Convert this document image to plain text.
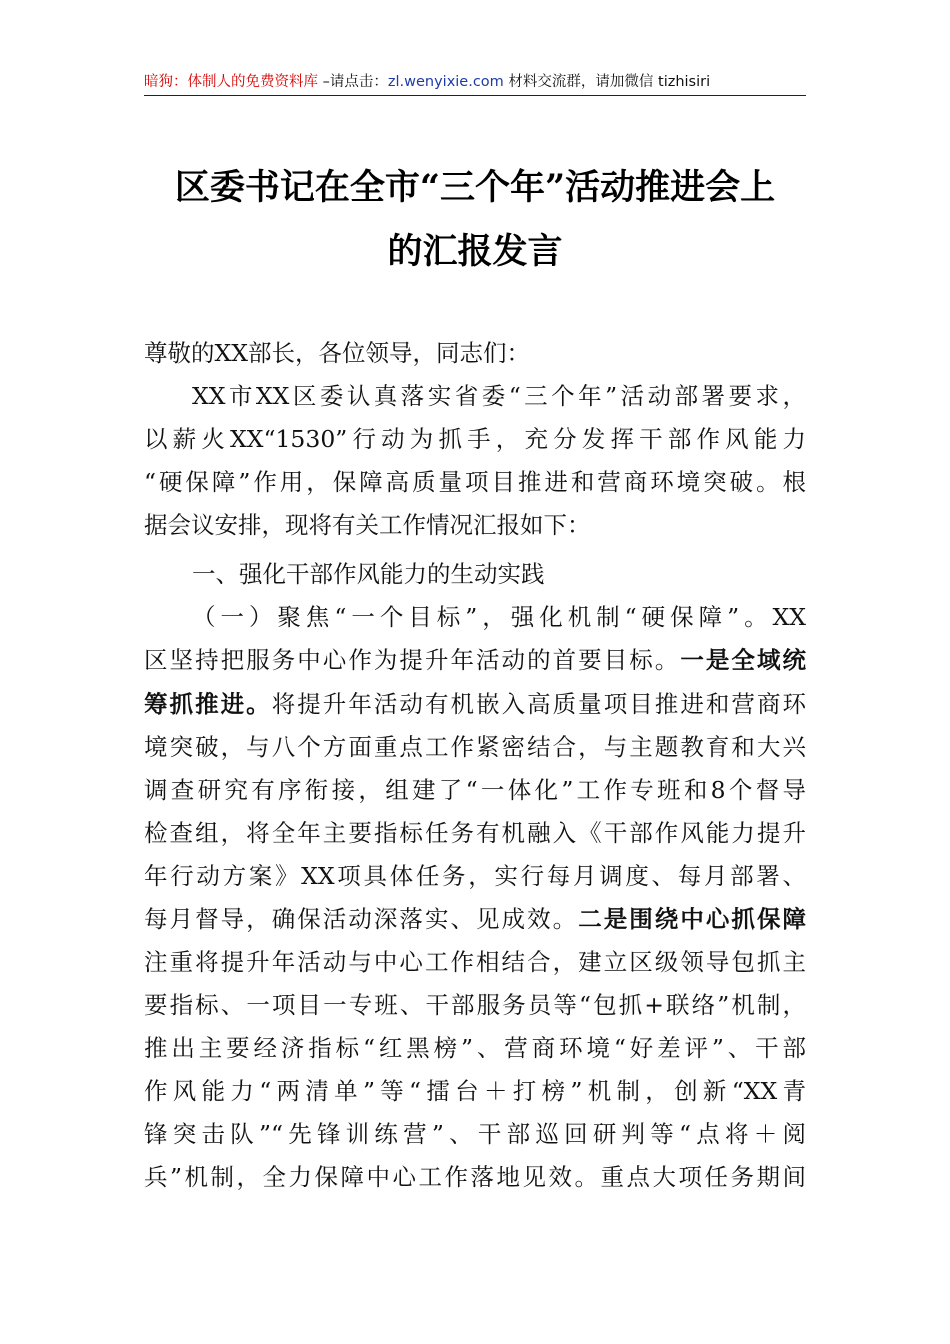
暗狗：体制人的免费资料库 –请点击：zl.wenyixie.com 材料交流群，请加微信 tizhisiri
区委书记在全市“三个年”活动推进会上
的汇报发言
尊敬的XX部长，各位领导，同志们：
XX市XX区委认真落实省委“三个年”活动部署要求，
以薪火XX“1530”行动为抓手，充分发挥干部作风能力
“硬保障”作用，保障高质量项目推进和营商环境突破。根
据会议安排，现将有关工作情况汇报如下：
一、强化干部作风能力的生动实践
（一）聚焦“一个目标”，强化机制“硬保障”。XX
区坚持把服务中心作为提升年活动的首要目标。一是全域统
筹抓推进。将提升年活动有机嵌入高质量项目推进和营商环
境突破，与八个方面重点工作紧密结合，与主题教育和大兴
调查研究有序衔接，组建了“一体化”工作专班和8个督导
检查组，将全年主要指标任务有机融入《干部作风能力提升
年行动方案》XX项具体任务，实行每月调度、每月部署、
每月督导，确保活动深落实、见成效。二是围绕中心抓保障
注重将提升年活动与中心工作相结合，建立区级领导包抓主
要指标、一项目一专班、干部服务员等“包抓+联络”机制，
推出主要经济指标“红黑榜”、营商环境“好差评”、干部
作风能力“两清单”等“擂台＋打榜”机制，创新“XX青
锋突击队”“先锋训练营”、干部巡回研判等“点将＋阅
兵”机制，全力保障中心工作落地见效。重点大项任务期间
